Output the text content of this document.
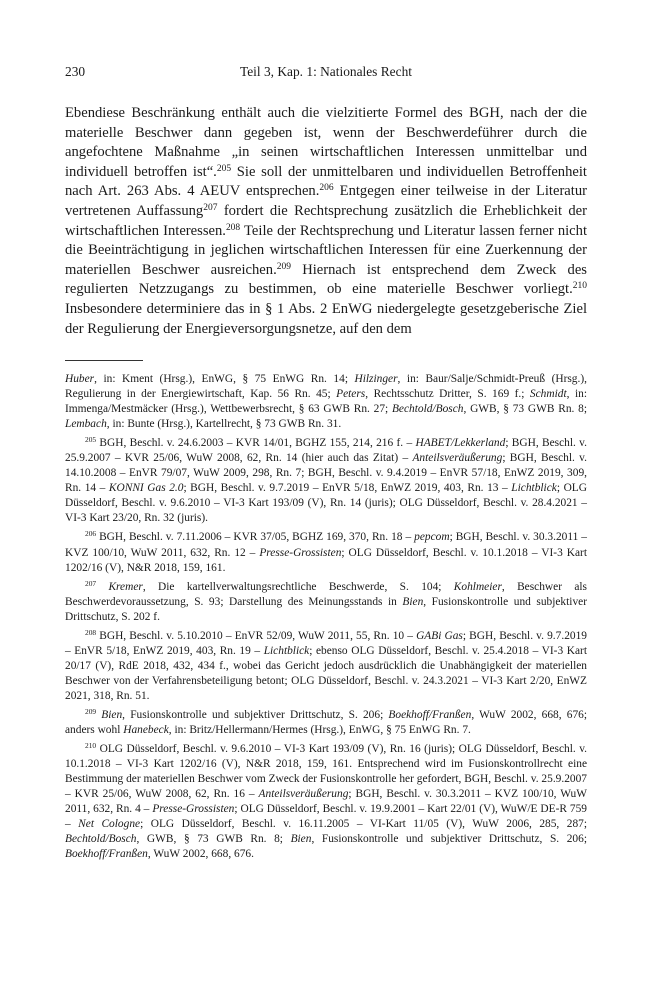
230	Teil 3, Kap. 1: Nationales Recht

Ebendiese Beschränkung enthält auch die vielzitierte Formel des BGH, nach der die materielle Beschwer dann gegeben ist, wenn der Beschwerdeführer durch die angefochtene Maßnahme „in seinen wirtschaftlichen Interessen unmittelbar und individuell betroffen ist“.$^{205}$ Sie soll der unmittelbaren und individuellen Betroffenheit nach Art. 263 Abs. 4 AEUV entsprechen.$^{206}$ Entgegen einer teilweise in der Literatur vertretenen Auffassung$^{207}$ fordert die Rechtsprechung zusätzlich die Erheblichkeit der wirtschaftlichen Interessen.$^{208}$ Teile der Rechtsprechung und Literatur lassen ferner nicht die Beeinträchtigung in jeglichen wirtschaftlichen Interessen für eine Zuerkennung der materiellen Beschwer ausreichen.$^{209}$ Hiernach ist entsprechend dem Zweck des regulierten Netzzugangs zu bestimmen, ob eine materielle Beschwer vorliegt.$^{210}$ Insbesondere determiniere das in § 1 Abs. 2 EnWG niedergelegte gesetzgeberische Ziel der Regulierung der Energieversorgungsnetze, auf den dem

Huber, in: Kment (Hrsg.), EnWG, § 75 EnWG Rn. 14; Hilzinger, in: Baur/Salje/Schmidt-Preuß (Hrsg.), Regulierung in der Energiewirtschaft, Kap. 56 Rn. 45; Peters, Rechtsschutz Dritter, S. 169 f.; Schmidt, in: Immenga/Mestmäcker (Hrsg.), Wettbewerbsrecht, § 63 GWB Rn. 27; Bechtold/Bosch, GWB, § 73 GWB Rn. 8; Lembach, in: Bunte (Hrsg.), Kartellrecht, § 73 GWB Rn. 31.

$^{205}$ BGH, Beschl. v. 24.6.2003 – KVR 14/01, BGHZ 155, 214, 216 f. – HABET/Lekkerland; BGH, Beschl. v. 25.9.2007 – KVR 25/06, WuW 2008, 62, Rn. 14 (hier auch das Zitat) – Anteilsveräußerung; BGH, Beschl. v. 14.10.2008 – EnVR 79/07, WuW 2009, 298, Rn. 7; BGH, Beschl. v. 9.4.2019 – EnVR 57/18, EnWZ 2019, 309, Rn. 14 – KONNI Gas 2.0; BGH, Beschl. v. 9.7.2019 – EnVR 5/18, EnWZ 2019, 403, Rn. 13 – Lichtblick; OLG Düsseldorf, Beschl. v. 9.6.2010 – VI-3 Kart 193/09 (V), Rn. 14 (juris); OLG Düsseldorf, Beschl. v. 28.4.2021 – VI-3 Kart 23/20, Rn. 32 (juris).

$^{206}$ BGH, Beschl. v. 7.11.2006 – KVR 37/05, BGHZ 169, 370, Rn. 18 – pepcom; BGH, Beschl. v. 30.3.2011 – KVZ 100/10, WuW 2011, 632, Rn. 12 – Presse-Grossisten; OLG Düsseldorf, Beschl. v. 10.1.2018 – VI-3 Kart 1202/16 (V), N&R 2018, 159, 161.

$^{207}$ Kremer, Die kartellverwaltungsrechtliche Beschwerde, S. 104; Kohlmeier, Beschwer als Beschwerdevoraussetzung, S. 93; Darstellung des Meinungsstands in Bien, Fusionskontrolle und subjektiver Drittschutz, S. 202 f.

$^{208}$ BGH, Beschl. v. 5.10.2010 – EnVR 52/09, WuW 2011, 55, Rn. 10 – GABi Gas; BGH, Beschl. v. 9.7.2019 – EnVR 5/18, EnWZ 2019, 403, Rn. 19 – Lichtblick; ebenso OLG Düsseldorf, Beschl. v. 25.4.2018 – VI-3 Kart 20/17 (V), RdE 2018, 432, 434 f., wobei das Gericht jedoch ausdrücklich die Unabhängigkeit der materiellen Beschwer von der Verfahrensbeteiligung betont; OLG Düsseldorf, Beschl. v. 24.3.2021 – VI-3 Kart 2/20, EnWZ 2021, 318, Rn. 51.

$^{209}$ Bien, Fusionskontrolle und subjektiver Drittschutz, S. 206; Boekhoff/Franßen, WuW 2002, 668, 676; anders wohl Hanebeck, in: Britz/Hellermann/Hermes (Hrsg.), EnWG, § 75 EnWG Rn. 7.

$^{210}$ OLG Düsseldorf, Beschl. v. 9.6.2010 – VI-3 Kart 193/09 (V), Rn. 16 (juris); OLG Düsseldorf, Beschl. v. 10.1.2018 – VI-3 Kart 1202/16 (V), N&R 2018, 159, 161. Entsprechend wird im Fusionskontrollrecht eine Bestimmung der materiellen Beschwer vom Zweck der Fusionskontrolle her gefordert, BGH, Beschl. v. 25.9.2007 – KVR 25/06, WuW 2008, 62, Rn. 16 – Anteilsveräußerung; BGH, Beschl. v. 30.3.2011 – KVZ 100/10, WuW 2011, 632, Rn. 4 – Presse-Grossisten; OLG Düsseldorf, Beschl. v. 19.9.2001 – Kart 22/01 (V), WuW/E DE-R 759 – Net Cologne; OLG Düsseldorf, Beschl. v. 16.11.2005 – VI-Kart 11/05 (V), WuW 2006, 285, 287; Bechtold/Bosch, GWB, § 73 GWB Rn. 8; Bien, Fusionskontrolle und subjektiver Drittschutz, S. 206; Boekhoff/Franßen, WuW 2002, 668, 676.
